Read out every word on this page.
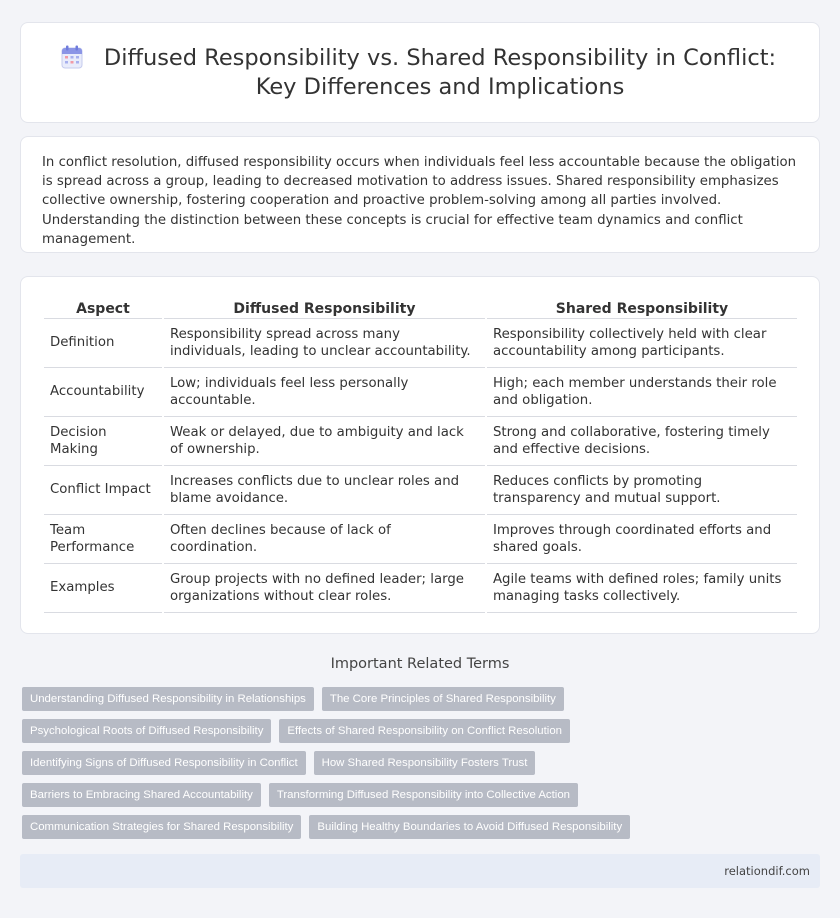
Diffused Responsibility vs. Shared Responsibility in Conflict: Key Differences and Implications

In conflict resolution, diffused responsibility occurs when individuals feel less accountable because the obligation is spread across a group, leading to decreased motivation to address issues. Shared responsibility emphasizes collective ownership, fostering cooperation and proactive problem-solving among all parties involved. Understanding the distinction between these concepts is crucial for effective team dynamics and conflict management.

Aspect	Diffused Responsibility	Shared Responsibility
Definition	Responsibility spread across many individuals, leading to unclear accountability.	Responsibility collectively held with clear accountability among participants.
Accountability	Low; individuals feel less personally accountable.	High; each member understands their role and obligation.
Decision Making	Weak or delayed, due to ambiguity and lack of ownership.	Strong and collaborative, fostering timely and effective decisions.
Conflict Impact	Increases conflicts due to unclear roles and blame avoidance.	Reduces conflicts by promoting transparency and mutual support.
Team Performance	Often declines because of lack of coordination.	Improves through coordinated efforts and shared goals.
Examples	Group projects with no defined leader; large organizations without clear roles.	Agile teams with defined roles; family units managing tasks collectively.
Important Related Terms
Understanding Diffused Responsibility in Relationships	The Core Principles of Shared Responsibility
Psychological Roots of Diffused Responsibility	Effects of Shared Responsibility on Conflict Resolution
Identifying Signs of Diffused Responsibility in Conflict	How Shared Responsibility Fosters Trust
Barriers to Embracing Shared Accountability	Transforming Diffused Responsibility into Collective Action
Communication Strategies for Shared Responsibility	Building Healthy Boundaries to Avoid Diffused Responsibility
relationdif.com
